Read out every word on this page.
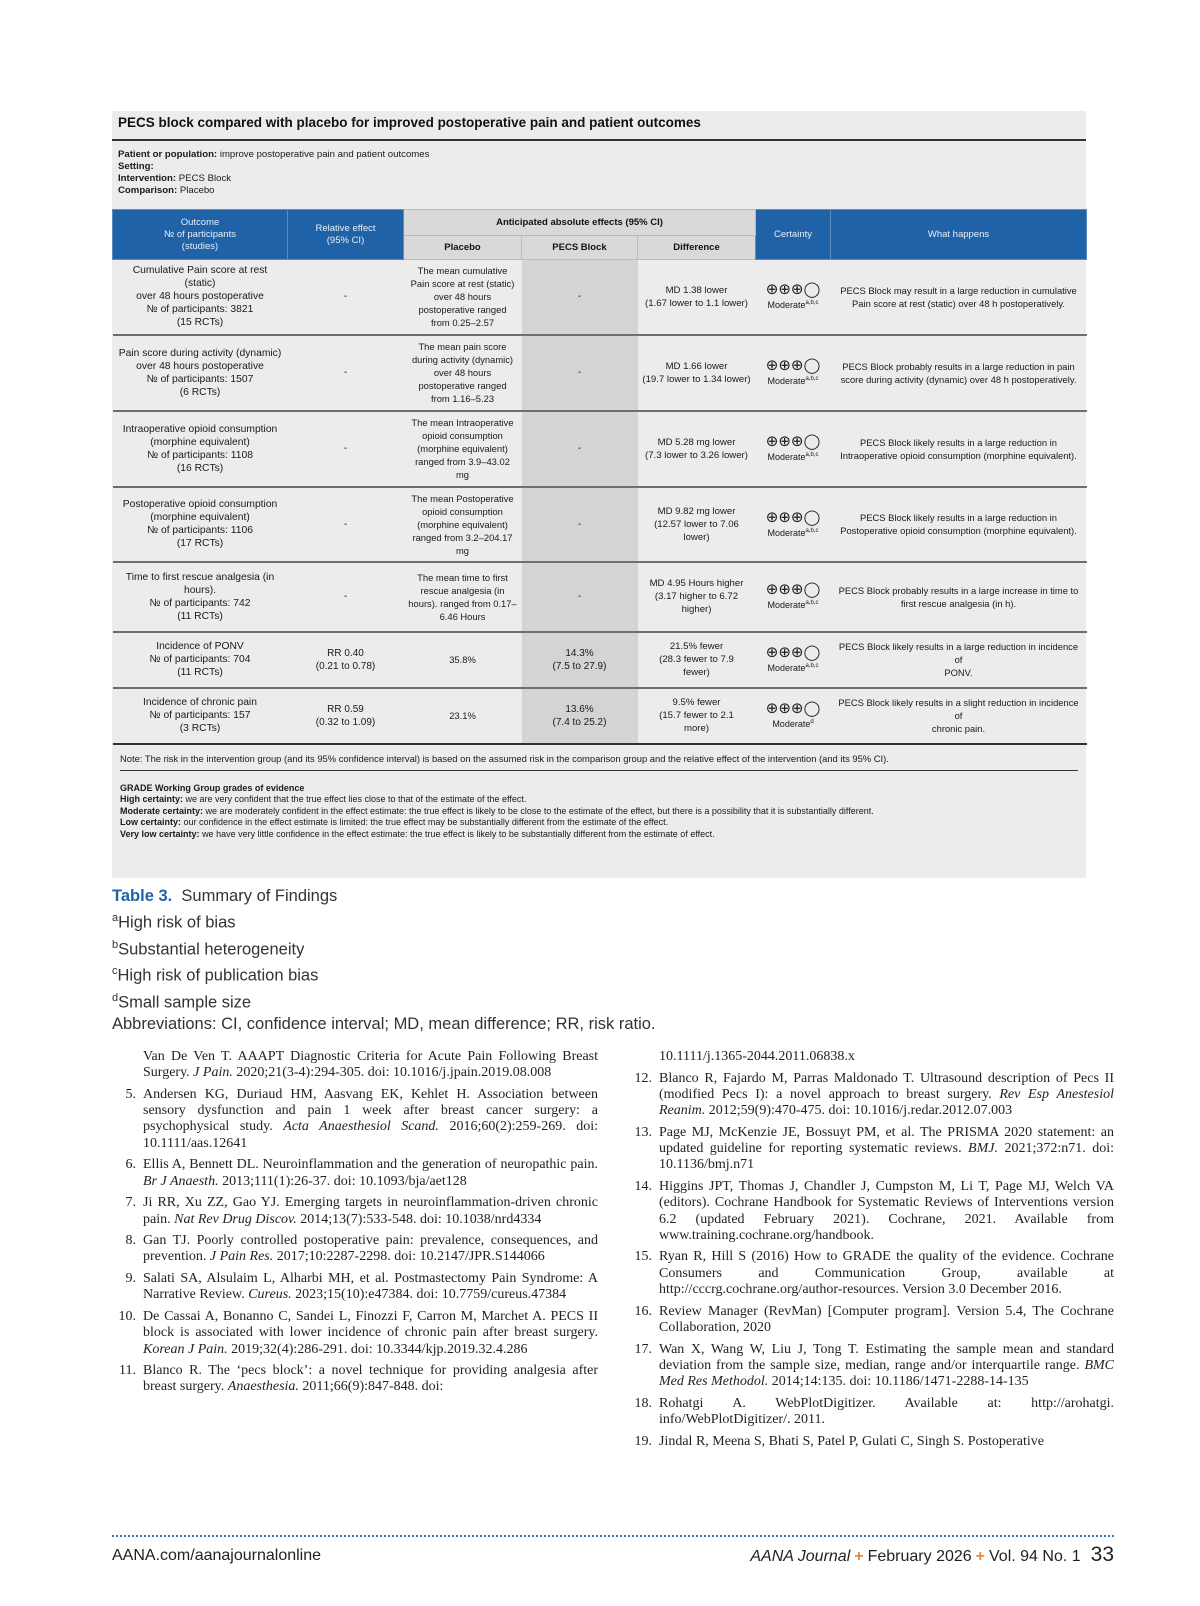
PECS block compared with placebo for improved postoperative pain and patient outcomes
Patient or population: improve postoperative pain and patient outcomes
Setting:
Intervention: PECS Block
Comparison: Placebo
Outcome
№ of participants
(studies)	Relative effect
(95% CI)	Anticipated absolute effects (95% CI)			Certainty	What happens
		Placebo	PECS Block	Difference		
Cumulative Pain score at rest (static)
over 48 hours postoperative
№ of participants: 3821
(15 RCTs)	-	The mean cumulative
Pain score at rest (static)
over 48 hours
postoperative ranged
from 0.25–2.57	-	MD 1.38 lower
(1.67 lower to 1.1 lower)	⊕⊕⊕◯
Moderate$^{a,b,c}$	PECS Block may result in a large reduction in cumulative
Pain score at rest (static) over 48 h postoperatively.
Pain score during activity (dynamic)
over 48 hours postoperative
№ of participants: 1507
(6 RCTs)	-	The mean pain score
during activity (dynamic)
over 48 hours
postoperative ranged
from 1.16–5.23	-	MD 1.66 lower
(19.7 lower to 1.34 lower)	⊕⊕⊕◯
Moderate$^{a,b,c}$	PECS Block probably results in a large reduction in pain
score during activity (dynamic) over 48 h postoperatively.
Intraoperative opioid consumption
(morphine equivalent)
№ of participants: 1108
(16 RCTs)	-	The mean Intraoperative
opioid consumption
(morphine equivalent)
ranged from 3.9–43.02
mg	-	MD 5.28 mg lower
(7.3 lower to 3.26 lower)	⊕⊕⊕◯
Moderate$^{a,b,c}$	PECS Block likely results in a large reduction in
Intraoperative opioid consumption (morphine equivalent).
Postoperative opioid consumption
(morphine equivalent)
№ of participants: 1106
(17 RCTs)	-	The mean Postoperative
opioid consumption
(morphine equivalent)
ranged from 3.2–204.17
mg	-	MD 9.82 mg lower
(12.57 lower to 7.06
lower)	⊕⊕⊕◯
Moderate$^{a,b,c}$	PECS Block likely results in a large reduction in
Postoperative opioid consumption (morphine equivalent).
Time to first rescue analgesia (in
hours).
№ of participants: 742
(11 RCTs)	-	The mean time to first
rescue analgesia (in
hours). ranged from 0.17–
6.46 Hours	-	MD 4.95 Hours higher
(3.17 higher to 6.72
higher)	⊕⊕⊕◯
Moderate$^{a,b,c}$	PECS Block probably results in a large increase in time to
first rescue analgesia (in h).
Incidence of PONV
№ of participants: 704
(11 RCTs)	RR 0.40
(0.21 to 0.78)	35.8%	14.3%
(7.5 to 27.9)	21.5% fewer
(28.3 fewer to 7.9
fewer)	⊕⊕⊕◯
Moderate$^{a,b,c}$	PECS Block likely results in a large reduction in incidence of
PONV.
Incidence of chronic pain
№ of participants: 157
(3 RCTs)	RR 0.59
(0.32 to 1.09)	23.1%	13.6%
(7.4 to 25.2)	9.5% fewer
(15.7 fewer to 2.1
more)	⊕⊕⊕◯
Moderate$^d$	PECS Block likely results in a slight reduction in incidence of
chronic pain.
Note: The risk in the intervention group (and its 95% confidence interval) is based on the assumed risk in the comparison group and the relative effect of the intervention (and its 95% CI).
GRADE Working Group grades of evidence
High certainty: we are very confident that the true effect lies close to that of the estimate of the effect.
Moderate certainty: we are moderately confident in the effect estimate: the true effect is likely to be close to the estimate of the effect, but there is a possibility that it is substantially different.
Low certainty: our confidence in the effect estimate is limited: the true effect may be substantially different from the estimate of the effect.
Very low certainty: we have very little confidence in the effect estimate: the true effect is likely to be substantially different from the estimate of effect.
Table 3. Summary of Findings
$^a$High risk of bias
$^b$Substantial heterogeneity
$^c$High risk of publication bias
$^d$Small sample size
Abbreviations: CI, confidence interval; MD, mean difference; RR, risk ratio.
Van De Ven T. AAAPT Diagnostic Criteria for Acute Pain Following Breast Surgery. J Pain. 2020;21(3-4):294-305. doi: 10.1016/j.jpain.2019.08.008
5. Andersen KG, Duriaud HM, Aasvang EK, Kehlet H. Association between sensory dysfunction and pain 1 week after breast cancer surgery: a psychophysical study. Acta Anaesthesiol Scand. 2016;60(2):259-269. doi: 10.1111/aas.12641
6. Ellis A, Bennett DL. Neuroinflammation and the generation of neuropathic pain. Br J Anaesth. 2013;111(1):26-37. doi: 10.1093/bja/aet128
7. Ji RR, Xu ZZ, Gao YJ. Emerging targets in neuroinflammation-driven chronic pain. Nat Rev Drug Discov. 2014;13(7):533-548. doi: 10.1038/nrd4334
8. Gan TJ. Poorly controlled postoperative pain: prevalence, consequences, and prevention. J Pain Res. 2017;10:2287-2298. doi: 10.2147/JPR.S144066
9. Salati SA, Alsulaim L, Alharbi MH, et al. Postmastectomy Pain Syndrome: A Narrative Review. Cureus. 2023;15(10):e47384. doi: 10.7759/cureus.47384
10. De Cassai A, Bonanno C, Sandei L, Finozzi F, Carron M, Marchet A. PECS II block is associated with lower incidence of chronic pain after breast surgery. Korean J Pain. 2019;32(4):286-291. doi: 10.3344/kjp.2019.32.4.286
11. Blanco R. The ‘pecs block’: a novel technique for providing analgesia after breast surgery. Anaesthesia. 2011;66(9):847-848. doi:
10.1111/j.1365-2044.2011.06838.x
12. Blanco R, Fajardo M, Parras Maldonado T. Ultrasound description of Pecs II (modified Pecs I): a novel approach to breast surgery. Rev Esp Anestesiol Reanim. 2012;59(9):470-475. doi: 10.1016/j.redar.2012.07.003
13. Page MJ, McKenzie JE, Bossuyt PM, et al. The PRISMA 2020 statement: an updated guideline for reporting systematic reviews. BMJ. 2021;372:n71. doi: 10.1136/bmj.n71
14. Higgins JPT, Thomas J, Chandler J, Cumpston M, Li T, Page MJ, Welch VA (editors). Cochrane Handbook for Systematic Reviews of Interventions version 6.2 (updated February 2021). Cochrane, 2021. Available from www.training.cochrane.org/handbook.
15. Ryan R, Hill S (2016) How to GRADE the quality of the evidence. Cochrane Consumers and Communication Group, available at http://cccrg.cochrane.org/author-resources. Version 3.0 December 2016.
16. Review Manager (RevMan) [Computer program]. Version 5.4, The Cochrane Collaboration, 2020
17. Wan X, Wang W, Liu J, Tong T. Estimating the sample mean and standard deviation from the sample size, median, range and/or interquartile range. BMC Med Res Methodol. 2014;14:135. doi: 10.1186/1471-2288-14-135
18. Rohatgi A. WebPlotDigitizer. Available at: http://arohatgi. info/WebPlotDigitizer/. 2011.
19. Jindal R, Meena S, Bhati S, Patel P, Gulati C, Singh S. Postoperative
AANA.com/aanajournalonline	AANA Journal + February 2026 + Vol. 94 No. 1 33
